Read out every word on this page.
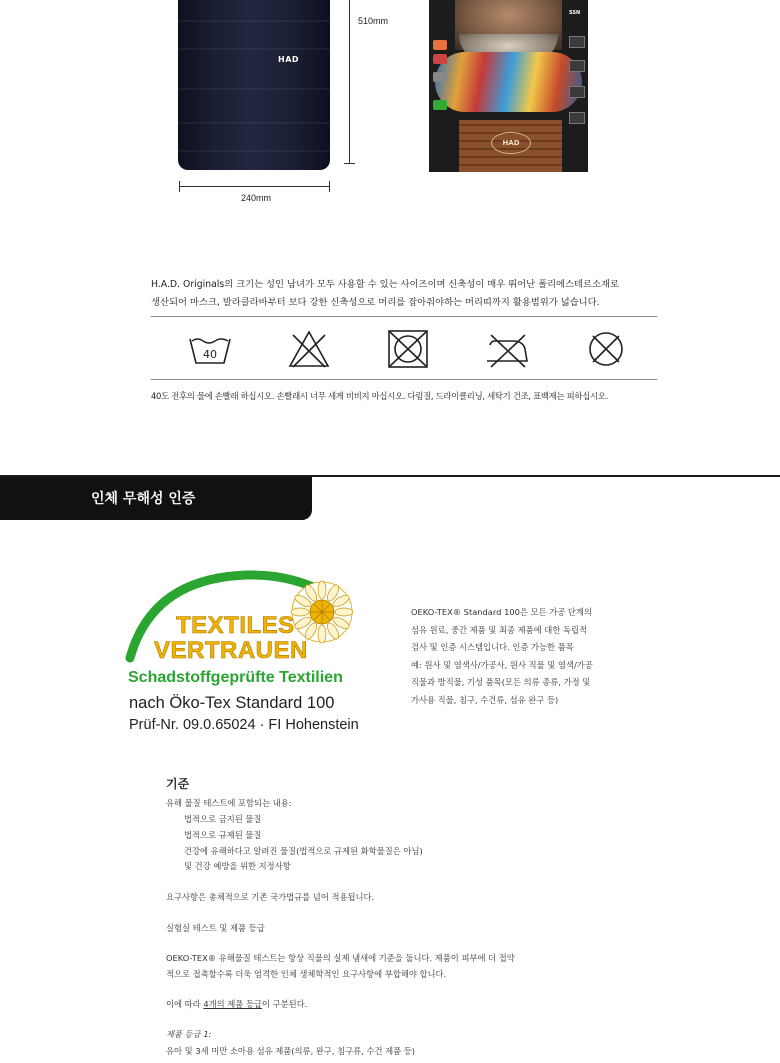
HAD
510mm
240mm
SSN
HAD
H.A.D. Originals의 크기는 성인 남녀가 모두 사용할 수 있는 사이즈이며 신축성이 매우 뛰어난 폴리에스테르소재로
생산되어 마스크, 발라클라바부터 보다 강한 신축성으로 머리를 잡아줘야하는 머리띠까지 활용범위가 넓습니다.
40
40도 전후의 물에 손빨래 하십시오. 손빨래시 너무 세게 비비지 마십시오. 다림질, 드라이클리닝, 세탁기 건조, 표백제는 피하십시오.
인체 무해성 인증
TEXTILES
VERTRAUEN
Schadstoffgeprüfte Textilien
nach Öko-Tex Standard 100
Prüf-Nr. 09.0.65024 · FI Hohenstein
OEKO-TEX® Standard 100은 모든 가공 단계의
섬유 원료, 중간 제품 및 최종 제품에 대한 독립적
검사 및 인증 시스템입니다. 인증 가능한 품목
예: 원사 및 염색사/가공사, 원사 직물 및 염색/가공
직물과 방직물, 기성 품목(모든 의류 종류, 가정 및
가사용 직물, 침구, 수건류, 섬유 완구 등)
기준
유해 물질 테스트에 포함되는 내용:
법적으로 금지된 물질
법적으로 규제된 물질
건강에 유해하다고 알려진 물질(법적으로 규제된 화학물질은 아님)
및 건강 예방을 위한 지정사항
요구사항은 총체적으로 기존 국가법규를 넘어 적용됩니다.
실험실 테스트 및 제품 등급
OEKO-TEX® 유해물질 테스트는 항상 직물의 실제 냄새에 기준을 둡니다. 제품이 피부에 더 접약
적으로 접촉할수록 더욱 엄격한 인체 생체학적인 요구사항에 부합해야 합니다.
이에 따라 4개의 제품 등급이 구분된다.
제품 등급 1:
유아 및 3세 미만 소아용 섬유 제품(의류, 완구, 침구류, 수건 제품 등)
